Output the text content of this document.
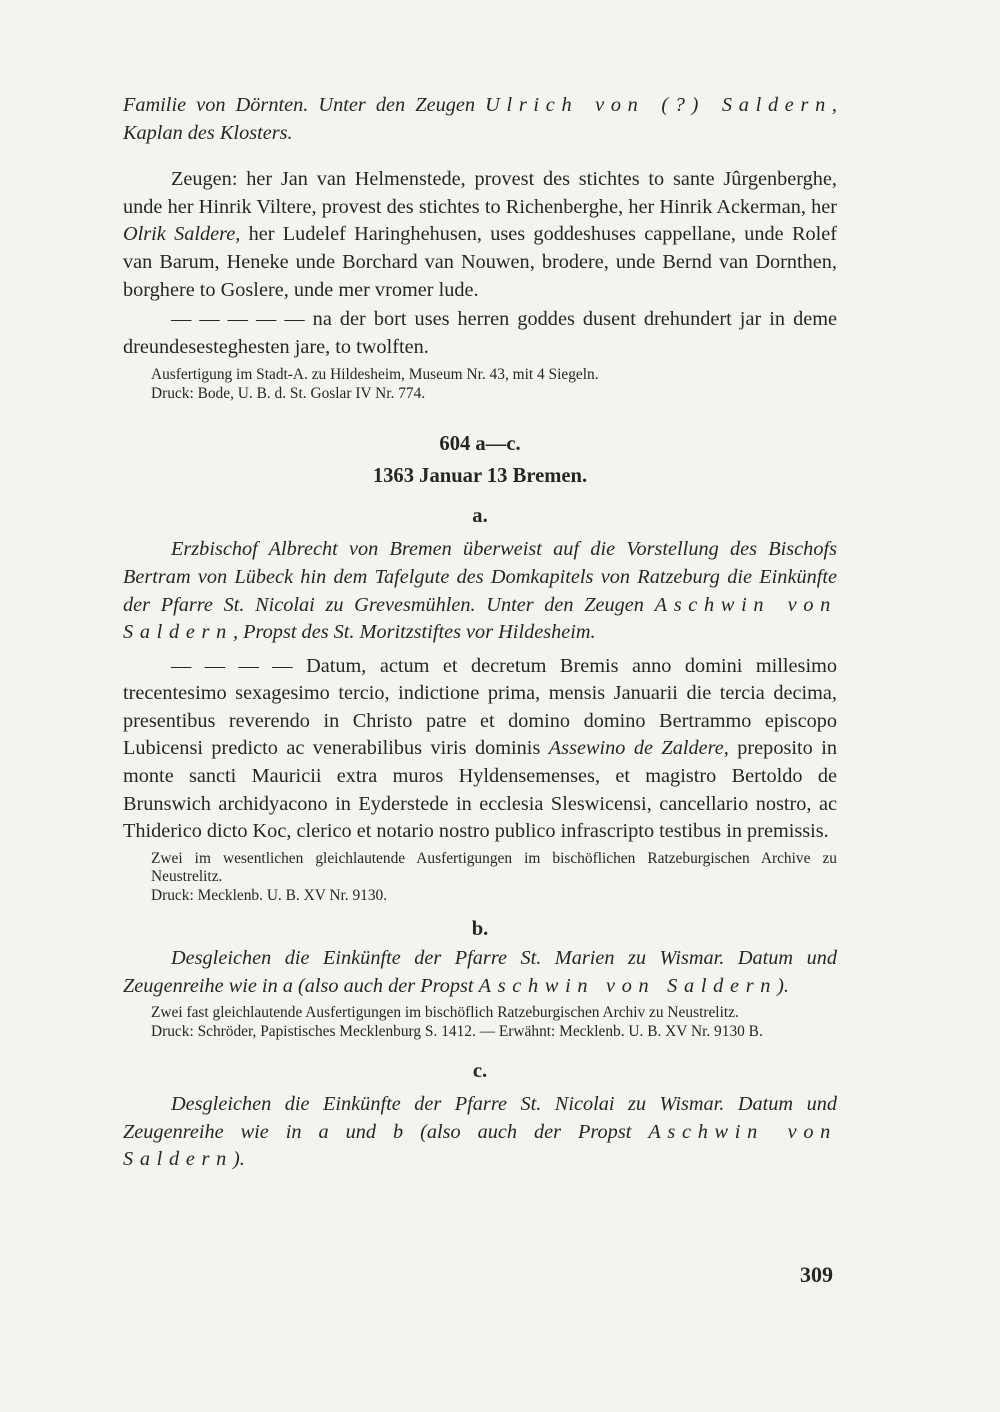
Familie von Dörnten. Unter den Zeugen Ulrich von (?) Saldern,
Kaplan des Klosters.

Zeugen: her Jan van Helmenstede, provest des stichtes to sante Jûrgenberghe, unde her Hinrik Viltere, provest des stichtes to Richenberghe, her Hinrik Ackerman, her Olrik Saldere, her Ludelef Haringhehusen, uses goddeshuses cappellane, unde Rolef van Barum, Heneke unde Borchard van Nouwen, brodere, unde Bernd van Dornthen, borghere to Goslere, unde mer vromer lude.

— — — — — na der bort uses herren goddes dusent drehundert jar in deme dreundesesteghesten jare, to twolften.

Ausfertigung im Stadt-A. zu Hildesheim, Museum Nr. 43, mit 4 Siegeln.

Druck: Bode, U. B. d. St. Goslar IV Nr. 774.

604 a—c.

1363 Januar 13 Bremen.

a.

Erzbischof Albrecht von Bremen überweist auf die Vorstellung des Bischofs Bertram von Lübeck hin dem Tafelgute des Domkapitels von Ratzeburg die Einkünfte der Pfarre St. Nicolai zu Grevesmühlen. Unter den Zeugen Aschwin von Saldern, Propst des St. Moritzstiftes vor Hildesheim.

— — — — Datum, actum et decretum Bremis anno domini millesimo trecentesimo sexagesimo tercio, indictione prima, mensis Januarii die tercia decima, presentibus reverendo in Christo patre et domino domino Bertrammo episcopo Lubicensi predicto ac venerabilibus viris dominis Assewino de Zaldere, preposito in monte sancti Mauricii extra muros Hyldensemenses, et magistro Bertoldo de Brunswich archidyacono in Eyderstede in ecclesia Sleswicensi, cancellario nostro, ac Thiderico dicto Koc, clerico et notario nostro publico infrascripto testibus in premissis.

Zwei im wesentlichen gleichlautende Ausfertigungen im bischöflichen Ratzeburgischen Archive zu Neustrelitz.

Druck: Mecklenb. U. B. XV Nr. 9130.

b.

Desgleichen die Einkünfte der Pfarre St. Marien zu Wismar. Datum und Zeugenreihe wie in a (also auch der Propst Aschwin von Saldern).

Zwei fast gleichlautende Ausfertigungen im bischöflich Ratzeburgischen Archiv zu Neustrelitz.

Druck: Schröder, Papistisches Mecklenburg S. 1412. — Erwähnt: Mecklenb. U. B. XV Nr. 9130 B.

c.

Desgleichen die Einkünfte der Pfarre St. Nicolai zu Wismar. Datum und Zeugenreihe wie in a und b (also auch der Propst Aschwin von Saldern).

309
